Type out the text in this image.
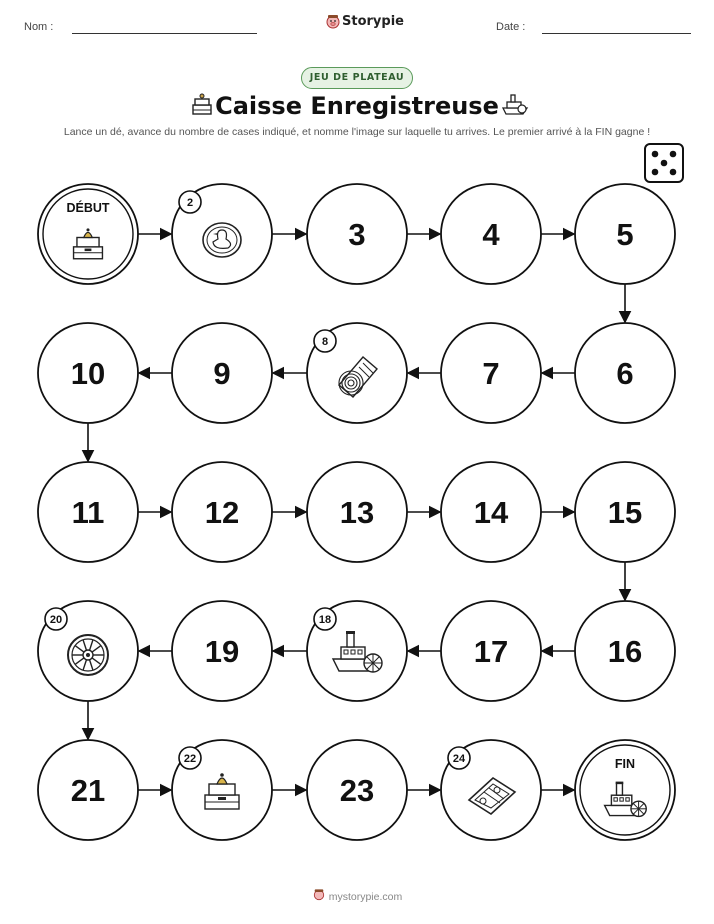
Nom :	Storypie	Date :
JEU DE PLATEAU
Caisse Enregistreuse
Lance un dé, avance du nombre de cases indiqué, et nomme l'image sur laquelle tu arrives. Le premier arrivé à la FIN gagne !
DÉBUT	2
3	4	5
6
7
8
9
10
11	12	13	14	15
16
17
18
19
20
21
22
23
24	FIN
mystorypie.com
